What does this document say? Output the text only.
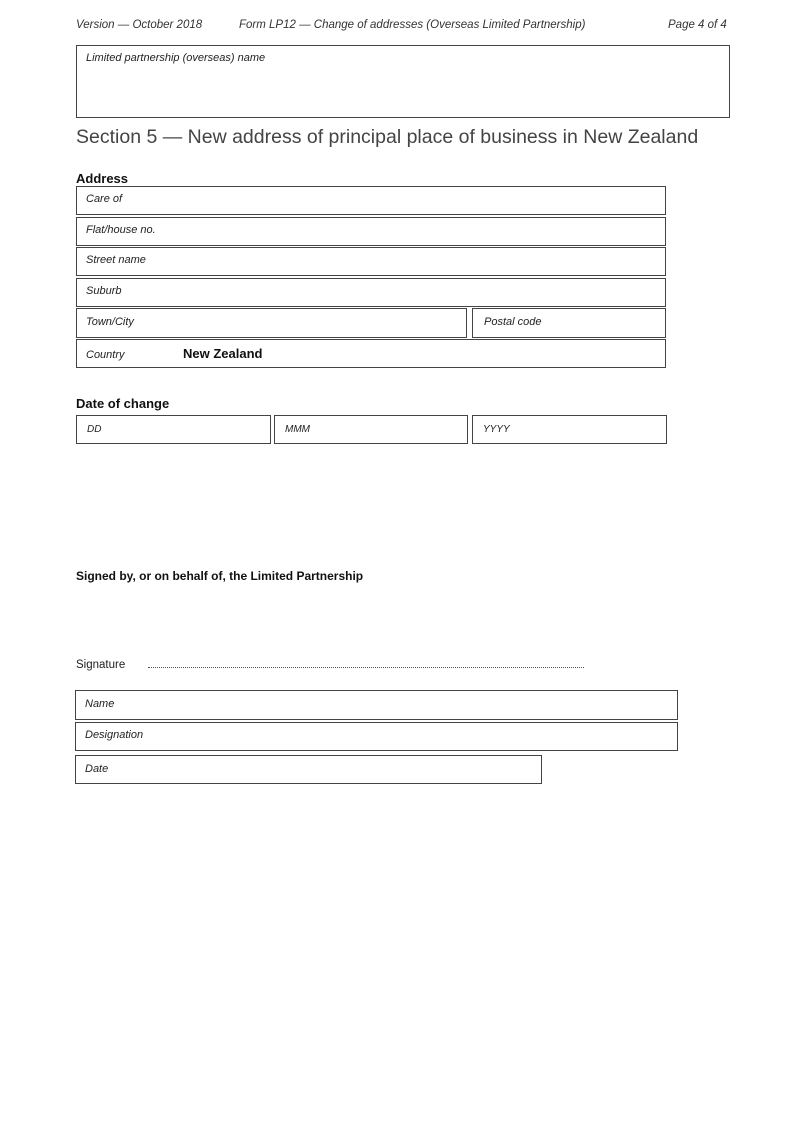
Version — October 2018	Form LP12 — Change of addresses (Overseas Limited Partnership)	Page 4 of 4
Limited partnership (overseas) name
Section 5 — New address of principal place of business in New Zealand
Address
Care of
Flat/house no.
Street name
Suburb
Town/City	Postal code
Country	New Zealand
Date of change
DD	MMM	YYYY
Signed by, or on behalf of, the Limited Partnership
Signature
Name
Designation
Date
